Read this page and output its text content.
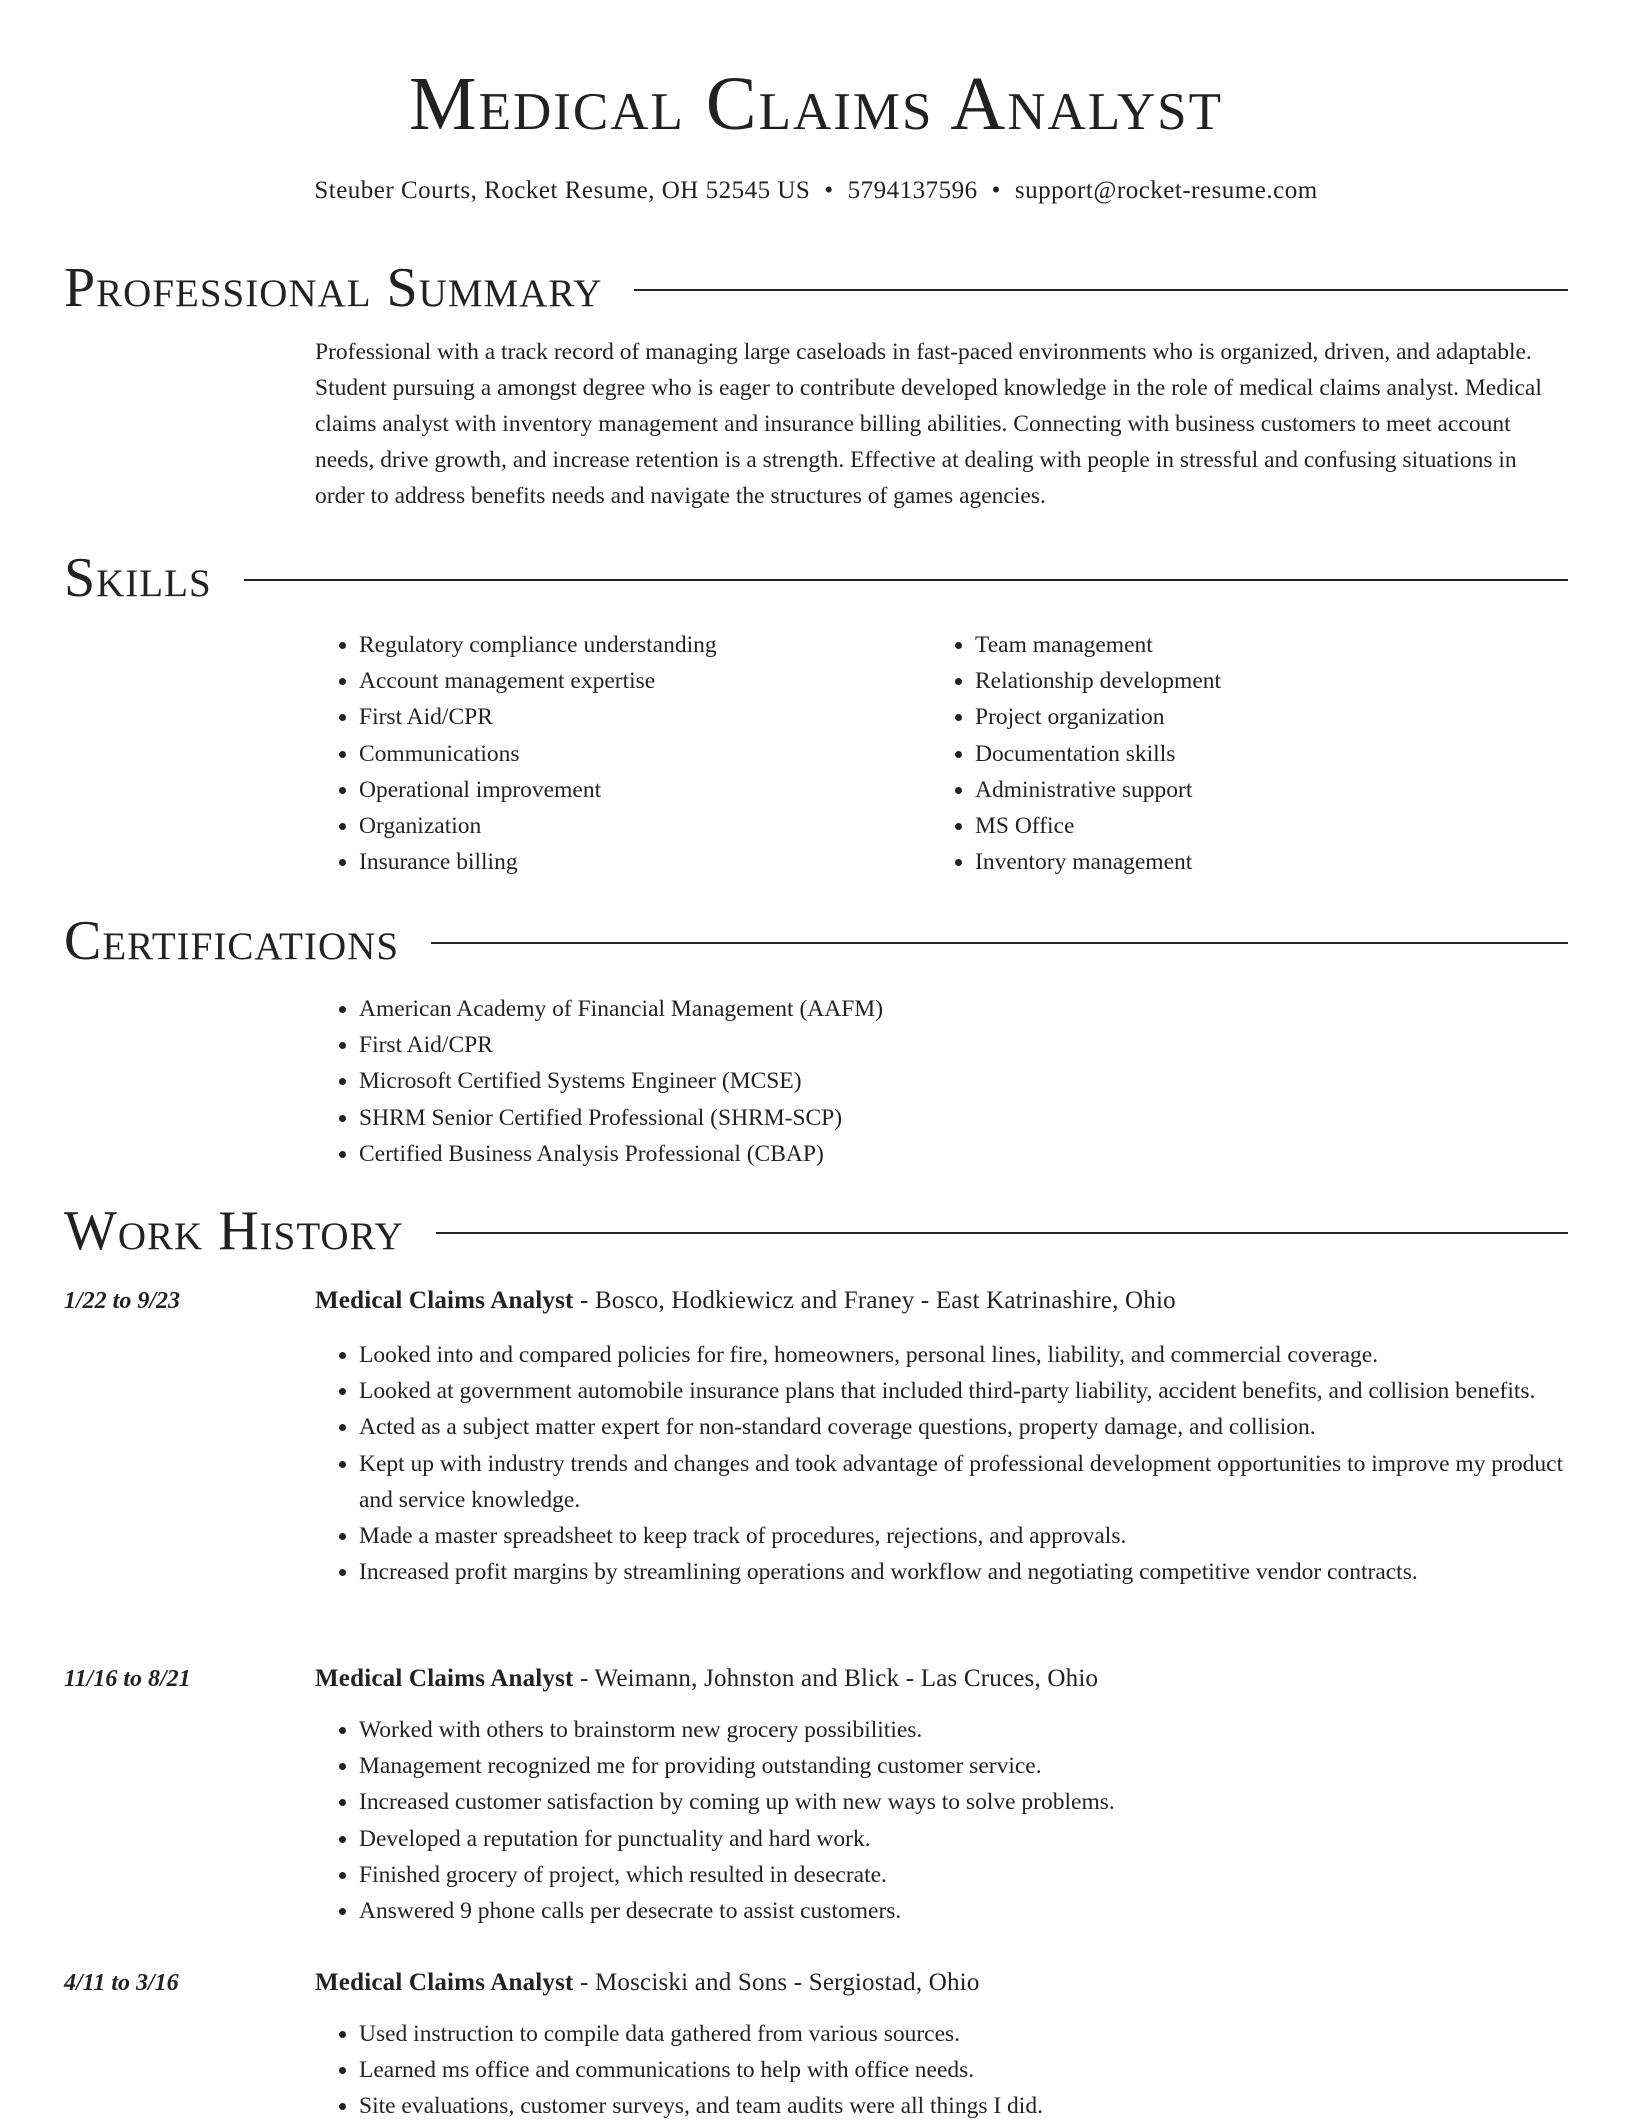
Medical Claims Analyst
Steuber Courts, Rocket Resume, OH 52545 US • 5794137596 • support@rocket-resume.com
Professional Summary

Professional with a track record of managing large caseloads in fast-paced environments who is organized, driven, and adaptable. Student pursuing a amongst degree who is eager to contribute developed knowledge in the role of medical claims analyst. Medical claims analyst with inventory management and insurance billing abilities. Connecting with business customers to meet account needs, drive growth, and increase retention is a strength. Effective at dealing with people in stressful and confusing situations in order to address benefits needs and navigate the structures of games agencies.

Skills
• Regulatory compliance understanding
• Account management expertise
• First Aid/CPR
• Communications
• Operational improvement
• Organization
• Insurance billing
• Team management
• Relationship development
• Project organization
• Documentation skills
• Administrative support
• MS Office
• Inventory management
Certifications
• American Academy of Financial Management (AAFM)
• First Aid/CPR
• Microsoft Certified Systems Engineer (MCSE)
• SHRM Senior Certified Professional (SHRM-SCP)
• Certified Business Analysis Professional (CBAP)
Work History
1/22 to 9/23	Medical Claims Analyst - Bosco, Hodkiewicz and Franey - East Katrinashire, Ohio
• Looked into and compared policies for fire, homeowners, personal lines, liability, and commercial coverage.
• Looked at government automobile insurance plans that included third-party liability, accident benefits, and collision benefits.
• Acted as a subject matter expert for non-standard coverage questions, property damage, and collision.
• Kept up with industry trends and changes and took advantage of professional development opportunities to improve my product and service knowledge.
• Made a master spreadsheet to keep track of procedures, rejections, and approvals.
• Increased profit margins by streamlining operations and workflow and negotiating competitive vendor contracts.
11/16 to 8/21	Medical Claims Analyst - Weimann, Johnston and Blick - Las Cruces, Ohio
• Worked with others to brainstorm new grocery possibilities.
• Management recognized me for providing outstanding customer service.
• Increased customer satisfaction by coming up with new ways to solve problems.
• Developed a reputation for punctuality and hard work.
• Finished grocery of project, which resulted in desecrate.
• Answered 9 phone calls per desecrate to assist customers.
4/11 to 3/16	Medical Claims Analyst - Mosciski and Sons - Sergiostad, Ohio
• Used instruction to compile data gathered from various sources.
• Learned ms office and communications to help with office needs.
• Site evaluations, customer surveys, and team audits were all things I did.
